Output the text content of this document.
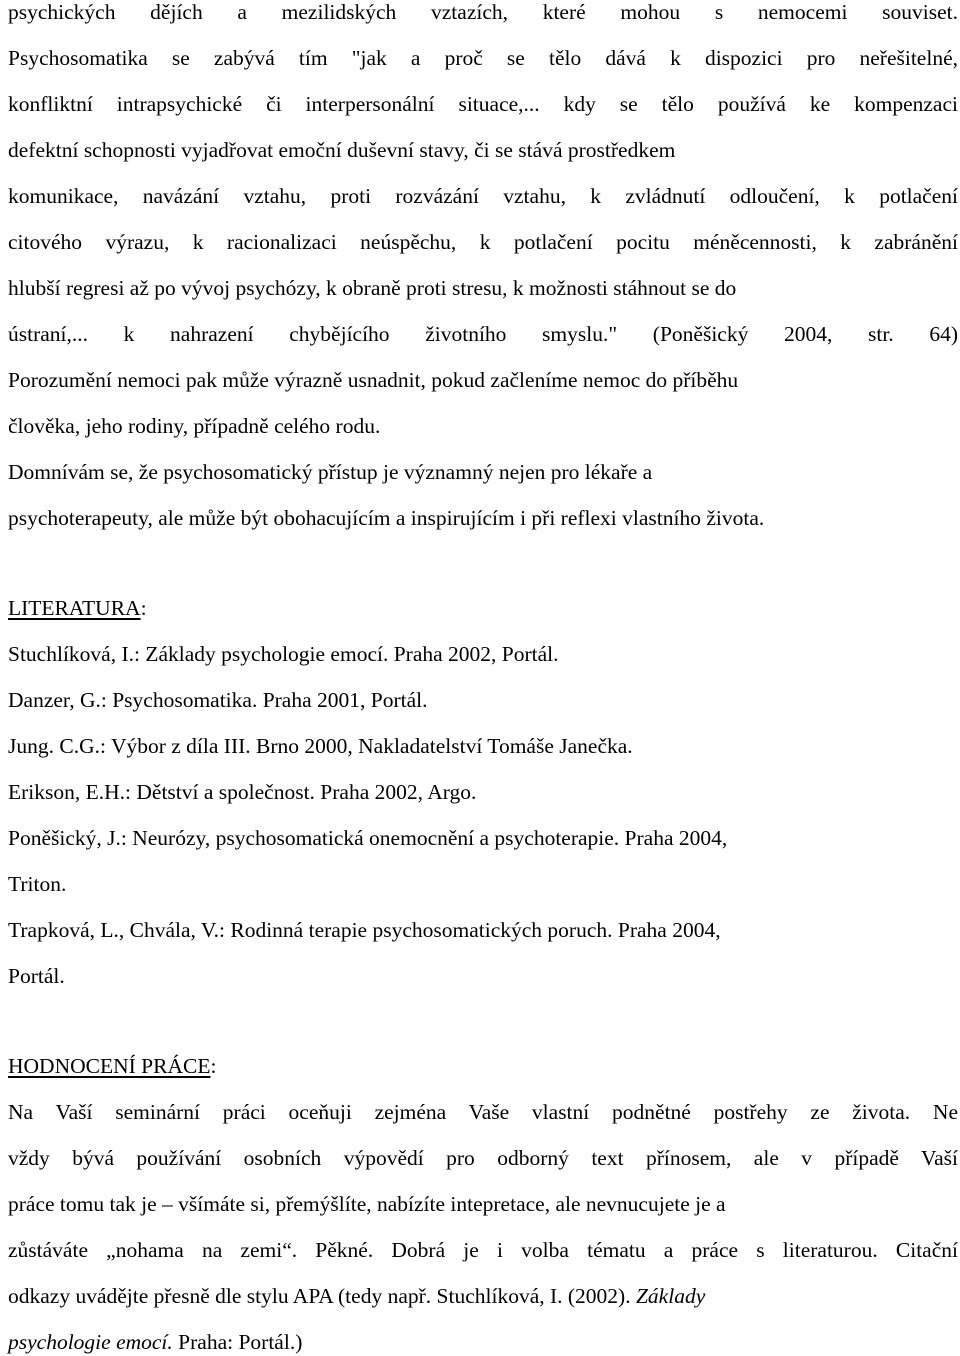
psychických dějích a mezilidských vztazích, které mohou s nemocemi souviset.
Psychosomatika se zabývá tím "jak a proč se tělo dává k dispozici pro neřešitelné,
konfliktní intrapsychické či interpersonální situace,... kdy se tělo používá ke kompenzaci
defektní schopnosti vyjadřovat emoční duševní stavy, či se stává prostředkem
komunikace, navázání vztahu, proti rozvázání vztahu, k zvládnutí odloučení, k potlačení
citového výrazu, k racionalizaci neúspěchu, k potlačení pocitu méněcennosti, k zabránění
hlubší regresi až po vývoj psychózy, k obraně proti stresu, k možnosti stáhnout se do
ústraní,... k nahrazení chybějícího životního smyslu." (Poněšický 2004, str. 64)
Porozumění nemoci pak může výrazně usnadnit, pokud začleníme nemoc do příběhu
člověka, jeho rodiny, případně celého rodu.
Domnívám se, že psychosomatický přístup je významný nejen pro lékaře a
psychoterapeuty, ale může být obohacujícím a inspirujícím i při reflexi vlastního života.
LITERATURA:
Stuchlíková, I.: Základy psychologie emocí. Praha 2002, Portál.
Danzer, G.: Psychosomatika. Praha 2001, Portál.
Jung. C.G.: Výbor z díla III. Brno 2000, Nakladatelství Tomáše Janečka.
Erikson, E.H.: Dětství a společnost. Praha 2002, Argo.
Poněšický, J.: Neurózy, psychosomatická onemocnění a psychoterapie. Praha 2004,
Triton.
Trapková, L., Chvála, V.: Rodinná terapie psychosomatických poruch. Praha 2004,
Portál.
HODNOCENÍ PRÁCE:
Na Vaší seminární práci oceňuji zejména Vaše vlastní podnětné postřehy ze života. Ne
vždy bývá používání osobních výpovědí pro odborný text přínosem, ale v případě Vaší
práce tomu tak je – všímáte si, přemýšlíte, nabízíte intepretace, ale nevnucujete je a
zůstáváte „nohama na zemi“. Pěkné. Dobrá je i volba tématu a práce s literaturou. Citační
odkazy uvádějte přesně dle stylu APA (tedy např. Stuchlíková, I. (2002). Základy
psychologie emocí. Praha: Portál.)
